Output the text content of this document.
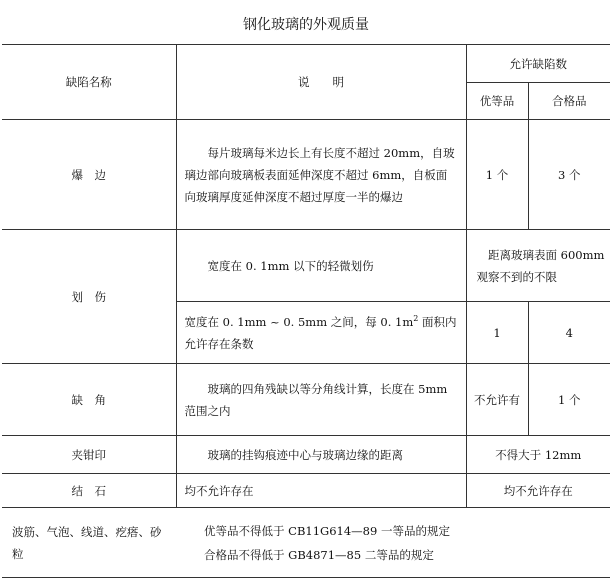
钢化玻璃的外观质量
缺陷名称	说　　明	允许缺陷数	
		优等品	合格品
爆　边	每片玻璃每米边长上有长度不超过 20mm，自玻璃边部向玻璃板表面延伸深度不超过 6mm，自板面向玻璃厚度延伸深度不超过厚度一半的爆边	1 个	3 个
划　伤	宽度在 0. 1mm 以下的轻微划伤	距离玻璃表面 600mm 观察不到的不限	
	宽度在 0. 1mm ~ 0. 5mm 之间，每 0. $1m^2$ 面积内允许存在条数	1	4
缺　角	玻璃的四角残缺以等分角线计算，长度在 5mm 范围之内	不允许有	1 个
夹钳印	玻璃的挂钩痕迹中心与玻璃边缘的距离	不得大于 12mm	
结　石	均不允许存在	均不允许存在	
波筋、气泡、线道、疙瘩、砂粒	优等品不得低于 CB11G614—89 一等品的规定
合格品不得低于 GB4871—85 二等品的规定		
